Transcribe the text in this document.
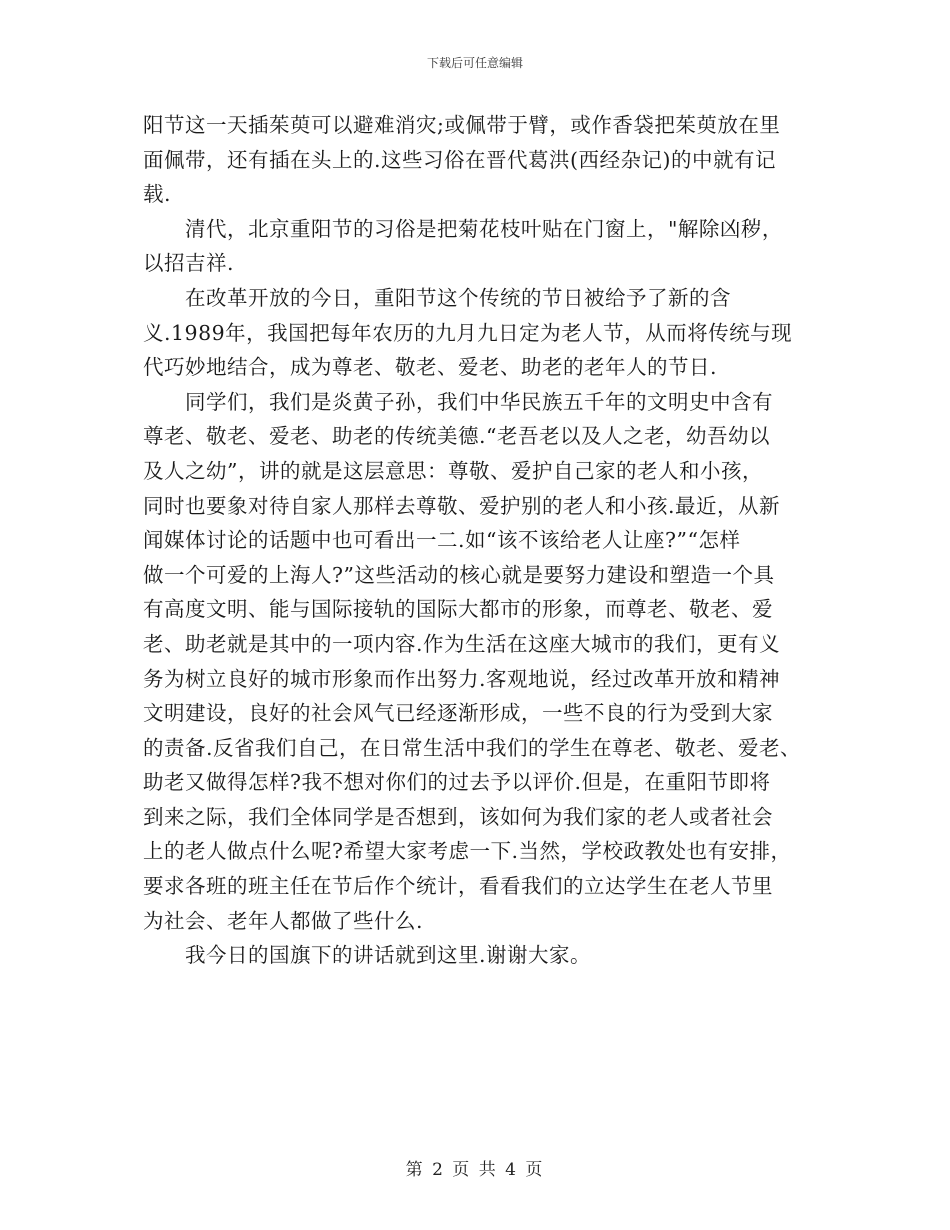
下载后可任意编辑
阳节这一天插茱萸可以避难消灾;或佩带于臂，或作香袋把茱萸放在里
面佩带，还有插在头上的.这些习俗在晋代葛洪(西经杂记)的中就有记
载.
　　清代，北京重阳节的习俗是把菊花枝叶贴在门窗上，"解除凶秽，
以招吉祥.
　　在改革开放的今日，重阳节这个传统的节日被给予了新的含
义.1989年，我国把每年农历的九月九日定为老人节，从而将传统与现
代巧妙地结合，成为尊老、敬老、爱老、助老的老年人的节日.
　　同学们，我们是炎黄子孙，我们中华民族五千年的文明史中含有
尊老、敬老、爱老、助老的传统美德.“老吾老以及人之老，幼吾幼以
及人之幼”，讲的就是这层意思：尊敬、爱护自己家的老人和小孩，
同时也要象对待自家人那样去尊敬、爱护别的老人和小孩.最近，从新
闻媒体讨论的话题中也可看出一二.如“该不该给老人让座?”“怎样
做一个可爱的上海人?”这些活动的核心就是要努力建设和塑造一个具
有高度文明、能与国际接轨的国际大都市的形象，而尊老、敬老、爱
老、助老就是其中的一项内容.作为生活在这座大城市的我们，更有义
务为树立良好的城市形象而作出努力.客观地说，经过改革开放和精神
文明建设，良好的社会风气已经逐渐形成，一些不良的行为受到大家
的责备.反省我们自己，在日常生活中我们的学生在尊老、敬老、爱老、
助老又做得怎样?我不想对你们的过去予以评价.但是，在重阳节即将
到来之际，我们全体同学是否想到，该如何为我们家的老人或者社会
上的老人做点什么呢?希望大家考虑一下.当然，学校政教处也有安排，
要求各班的班主任在节后作个统计，看看我们的立达学生在老人节里
为社会、老年人都做了些什么.
　　我今日的国旗下的讲话就到这里.谢谢大家。
第 2 页 共 4 页
